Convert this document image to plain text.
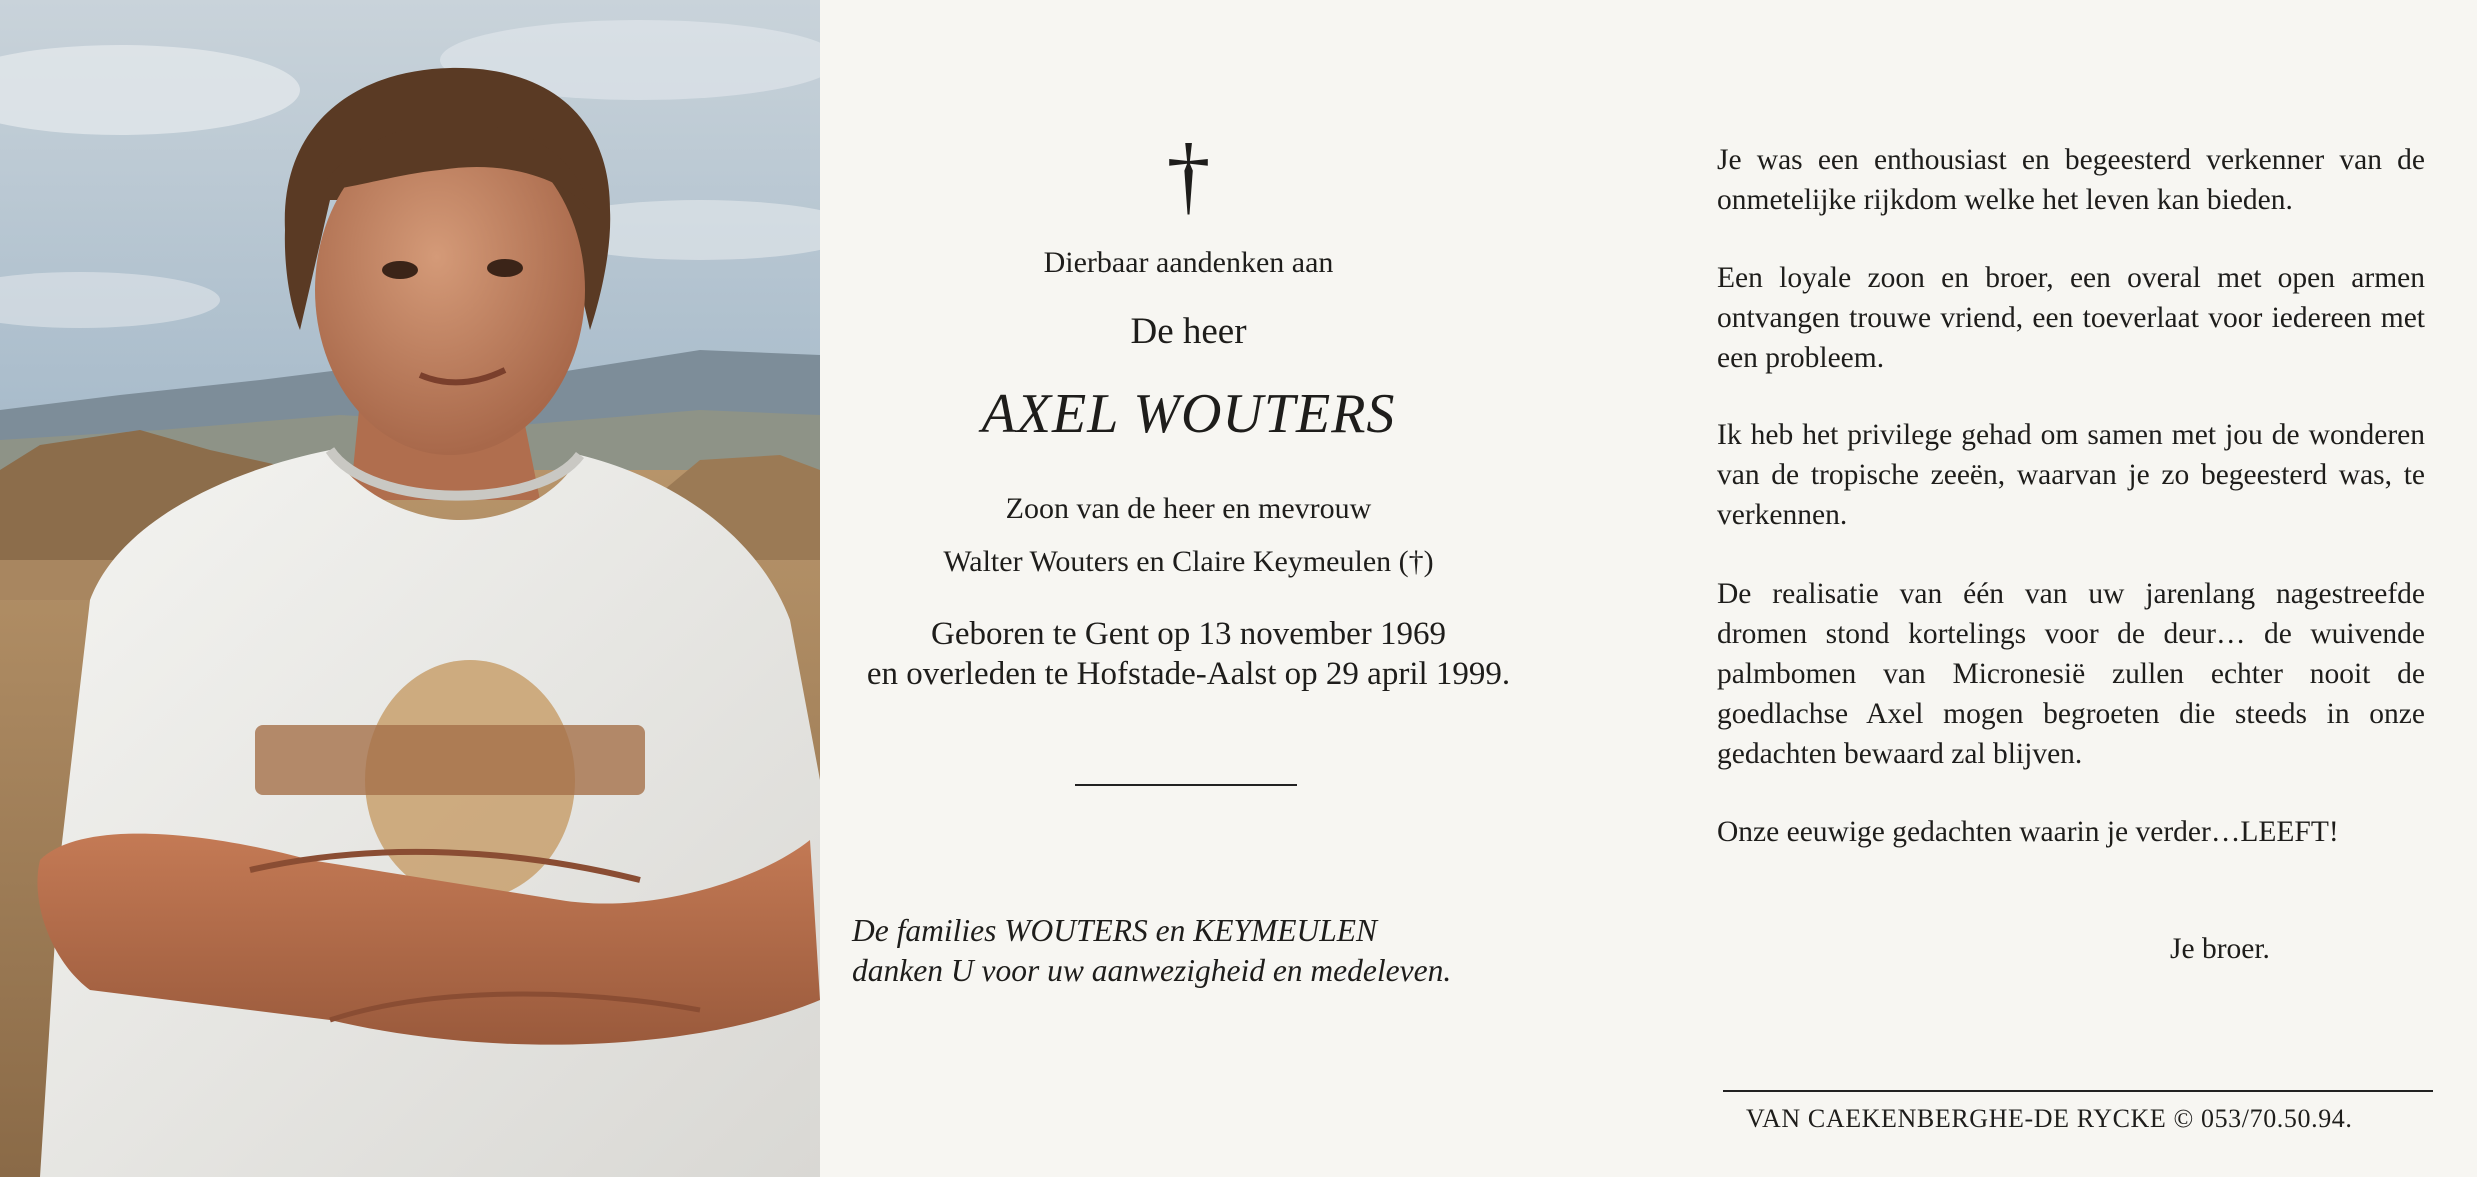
†
Dierbaar aandenken aan
De heer
AXEL WOUTERS
Zoon van de heer en mevrouw
Walter Wouters en Claire Keymeulen (†)
Geboren te Gent op 13 november 1969
en overleden te Hofstade-Aalst op 29 april 1999.
De families WOUTERS en KEYMEULEN
danken U voor uw aanwezigheid en medeleven.
Je was een enthousiast en begeesterd verkenner van de onmetelijke rijkdom welke het leven kan bieden.
Een loyale zoon en broer, een overal met open armen ontvangen trouwe vriend, een toeverlaat voor iedereen met een probleem.
Ik heb het privilege gehad om samen met jou de wonderen van de tropische zeeën, waarvan je zo begeesterd was, te verkennen.
De realisatie van één van uw jarenlang nagestreefde dromen stond kortelings voor de deur… de wuivende palmbomen van Micronesië zullen echter nooit de goedlachse Axel mogen begroeten die steeds in onze gedachten bewaard zal blijven.
Onze eeuwige gedachten waarin je verder…LEEFT!
Je broer.
VAN CAEKENBERGHE-DE RYCKE © 053/70.50.94.
